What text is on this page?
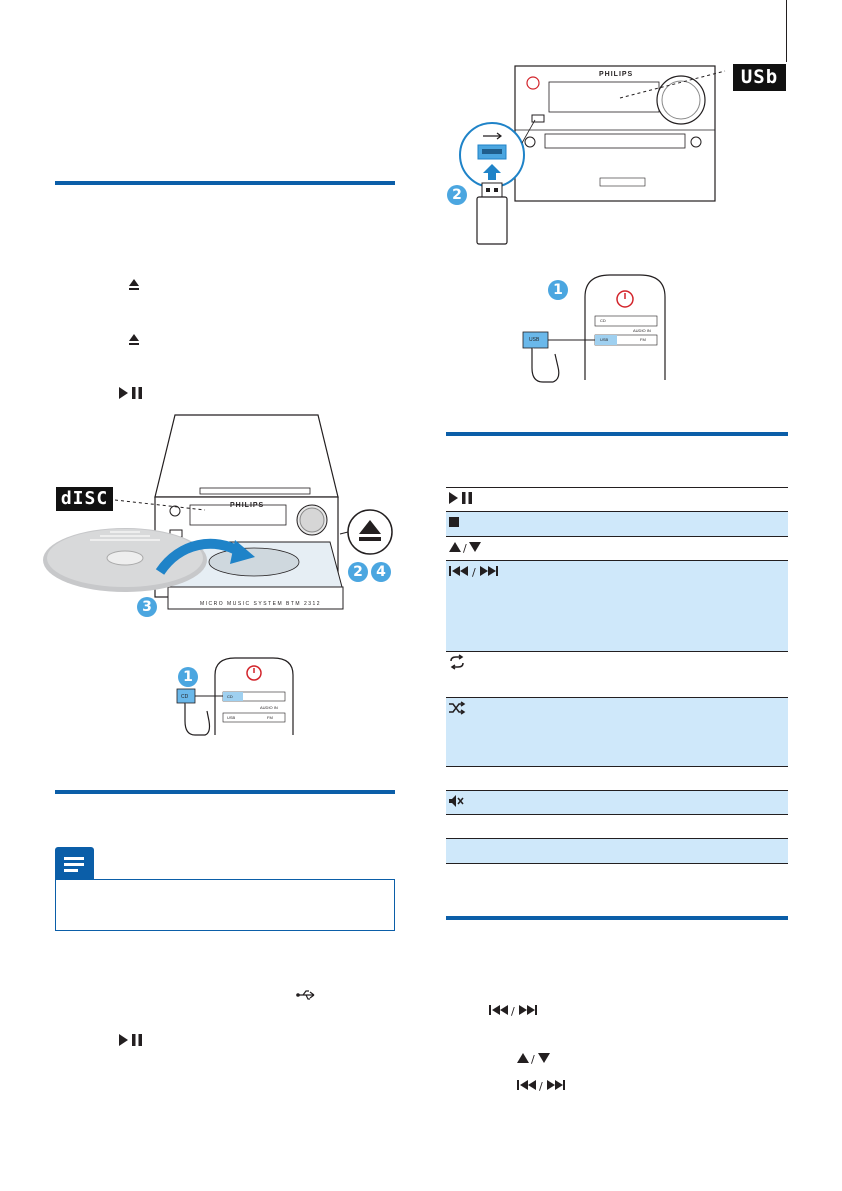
dISC	PHILIPS
MICRO MUSIC SYSTEM BTM 2312
2 4
3
1
CD	CD
USB	FM
AUDIO IN
USb
PHILIPS
2
1
USB
CD
USB	FM
AUDIO IN
/
/
/
/
/
